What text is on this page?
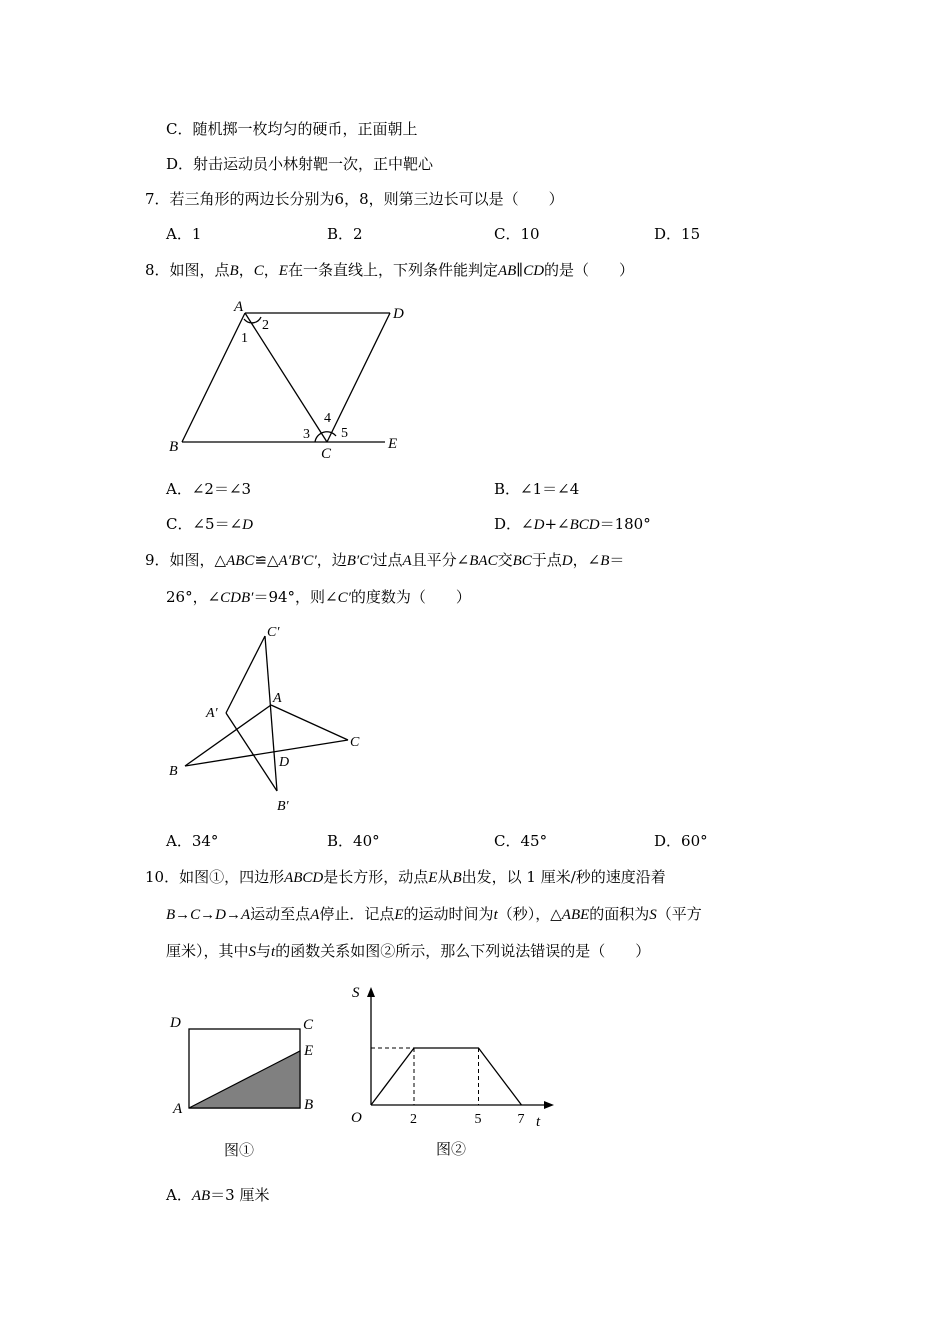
C．随机掷一枚均匀的硬币，正面朝上
D．射击运动员小林射靶一次，正中靶心
7．若三角形的两边长分别为6，8，则第三边长可以是（　　）
A．1	B．2	C．10	D．15
8．如图，点B，C，E在一条直线上，下列条件能判定AB∥CD的是（　　）
A	D
B	C
E
1
2
3
4
5
A．∠2＝∠3	B．∠1＝∠4
C．∠5＝∠D	D．∠D+∠BCD＝180°
9．如图，△ABC≌△A′B′C′，边B′C′过点A且平分∠BAC交BC于点D，∠B＝
26°，∠CDB′＝94°，则∠C′的度数为（　　）
C′
A′
A
C
B
D
B′
A．34°	B．40°	C．45°	D．60°
10．如图①，四边形ABCD是长方形，动点E从B出发，以 1 厘米/秒的速度沿着
B→C→D→A运动至点A停止．记点E的运动时间为t（秒），△ABE的面积为S（平方
厘米），其中S与t的函数关系如图②所示，那么下列说法错误的是（　　）
D	C
E
A	B
图①
2	5	7
S
O	t
图②
A．AB＝3 厘米
